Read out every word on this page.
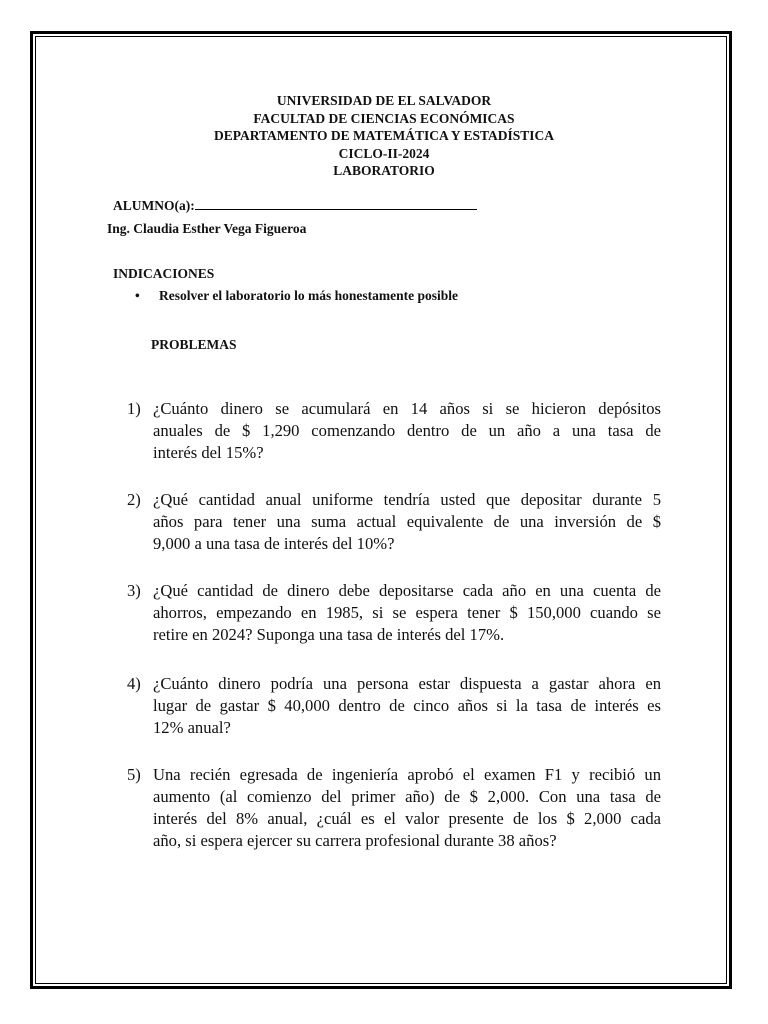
UNIVERSIDAD DE EL SALVADOR
FACULTAD DE CIENCIAS ECONÓMICAS
DEPARTAMENTO DE MATEMÁTICA Y ESTADÍSTICA
CICLO-II-2024
LABORATORIO
ALUMNO(a):
Ing. Claudia Esther Vega Figueroa
INDICACIONES
• Resolver el laboratorio lo más honestamente posible
PROBLEMAS
1) ¿Cuánto dinero se acumulará en 14 años si se hicieron depósitos
anuales de $ 1,290 comenzando dentro de un año a una tasa de
interés del 15%?
2) ¿Qué cantidad anual uniforme tendría usted que depositar durante 5
años para tener una suma actual equivalente de una inversión de $
9,000 a una tasa de interés del 10%?
3) ¿Qué cantidad de dinero debe depositarse cada año en una cuenta de
ahorros, empezando en 1985, si se espera tener $ 150,000 cuando se
retire en 2024? Suponga una tasa de interés del 17%.
4) ¿Cuánto dinero podría una persona estar dispuesta a gastar ahora en
lugar de gastar $ 40,000 dentro de cinco años si la tasa de interés es
12% anual?
5) Una recién egresada de ingeniería aprobó el examen F1 y recibió un
aumento (al comienzo del primer año) de $ 2,000. Con una tasa de
interés del 8% anual, ¿cuál es el valor presente de los $ 2,000 cada
año, si espera ejercer su carrera profesional durante 38 años?
